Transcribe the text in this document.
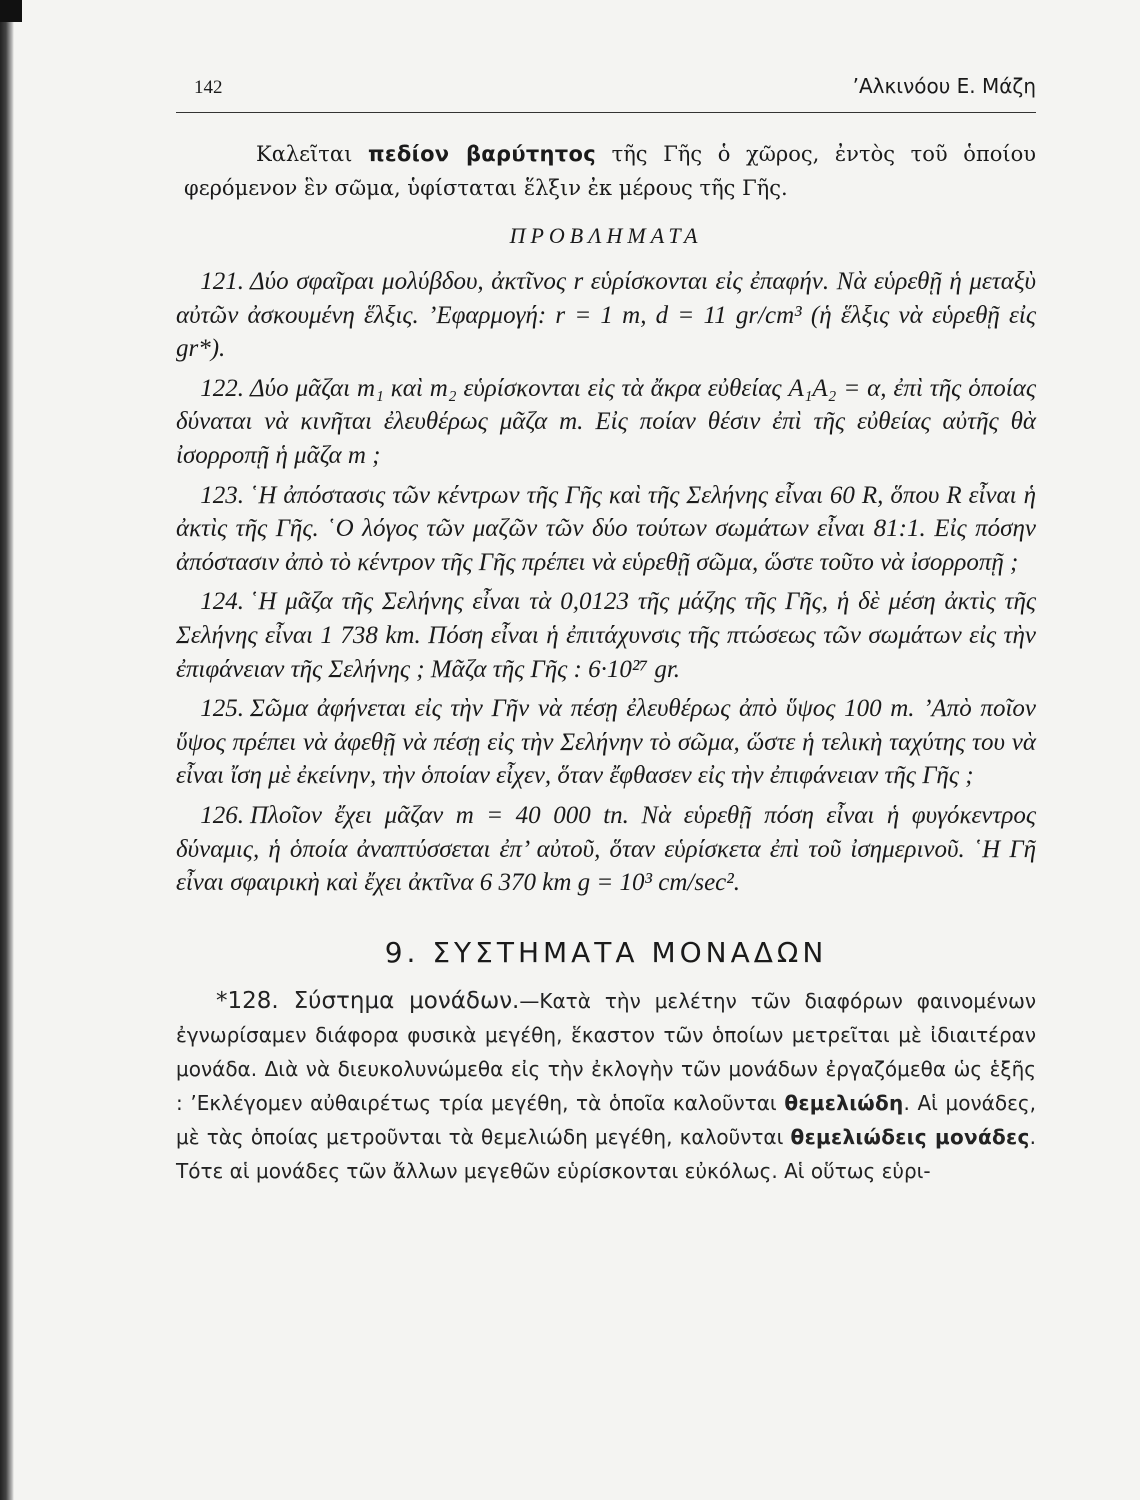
142	’Αλκινόου Ε. Μάζη
Καλεῖται πεδίον βαρύτητος τῆς Γῆς ὁ χῶρος, ἐντὸς τοῦ ὁποίου φερόμενον ἓν σῶμα, ὑφίσταται ἕλξιν ἐκ μέρους τῆς Γῆς.
ΠΡΟΒΛΗΜΑΤΑ
121. Δύο σφαῖραι μολύβδου, ἀκτῖνος r εὑρίσκονται εἰς ἐπαφήν. Νὰ εὑρεθῇ ἡ μεταξὺ αὐτῶν ἀσκουμένη ἕλξις. ’Εφαρμογή: r = 1 m, d = 11 gr/cm³ (ἡ ἕλξις νὰ εὑρεθῇ εἰς gr*).
122. Δύο μᾶζαι m₁ καὶ m₂ εὑρίσκονται εἰς τὰ ἄκρα εὐθείας A₁A₂ = α, ἐπὶ τῆς ὁποίας δύναται νὰ κινῆται ἐλευθέρως μᾶζα m. Εἰς ποίαν θέσιν ἐπὶ τῆς εὐθείας αὐτῆς θὰ ἰσορροπῇ ἡ μᾶζα m ;
123. ῾Η ἀπόστασις τῶν κέντρων τῆς Γῆς καὶ τῆς Σελήνης εἶναι 60 R, ὅπου R εἶναι ἡ ἀκτὶς τῆς Γῆς. ῾Ο λόγος τῶν μαζῶν τῶν δύο τούτων σωμάτων εἶναι 81:1. Εἰς πόσην ἀπόστασιν ἀπὸ τὸ κέντρον τῆς Γῆς πρέπει νὰ εὑρεθῇ σῶμα, ὥστε τοῦτο νὰ ἰσορροπῇ ;
124. ῾Η μᾶζα τῆς Σελήνης εἶναι τὰ 0,0123 τῆς μάζης τῆς Γῆς, ἡ δὲ μέση ἀκτὶς τῆς Σελήνης εἶναι 1 738 km. Πόση εἶναι ἡ ἐπιτάχυνσις τῆς πτώσεως τῶν σωμάτων εἰς τὴν ἐπιφάνειαν τῆς Σελήνης ; Μᾶζα τῆς Γῆς : 6·10²⁷ gr.
125. Σῶμα ἀφήνεται εἰς τὴν Γῆν νὰ πέσῃ ἐλευθέρως ἀπὸ ὕψος 100 m. ’Απὸ ποῖον ὕψος πρέπει νὰ ἀφεθῇ νὰ πέσῃ εἰς τὴν Σελήνην τὸ σῶμα, ὥστε ἡ τελικὴ ταχύτης του νὰ εἶναι ἴση μὲ ἐκείνην, τὴν ὁποίαν εἶχεν, ὅταν ἔφθασεν εἰς τὴν ἐπιφάνειαν τῆς Γῆς ;
126. Πλοῖον ἔχει μᾶζαν m = 40 000 tn. Νὰ εὑρεθῇ πόση εἶναι ἡ φυγόκεντρος δύναμις, ἡ ὁποία ἀναπτύσσεται ἐπ’ αὐτοῦ, ὅταν εὑρίσκετα ἐπὶ τοῦ ἰσημερινοῦ. ῾Η Γῆ εἶναι σφαιρικὴ καὶ ἔχει ἀκτῖνα 6 370 km g = 10³ cm/sec².
9. ΣΥΣΤΗΜΑΤΑ ΜΟΝΑΔΩΝ
*128. Σύστημα μονάδων.—Κατὰ τὴν μελέτην τῶν διαφόρων φαινομένων ἐγνωρίσαμεν διάφορα φυσικὰ μεγέθη, ἕκαστον τῶν ὁποίων μετρεῖται μὲ ἰδιαιτέραν μονάδα. Διὰ νὰ διευκολυνώμεθα εἰς τὴν ἐκλογὴν τῶν μονάδων ἐργαζόμεθα ὡς ἑξῆς : ’Εκλέγομεν αὐθαιρέτως τρία μεγέθη, τὰ ὁποῖα καλοῦνται θεμελιώδη. Αἱ μονάδες, μὲ τὰς ὁποίας μετροῦνται τὰ θεμελιώδη μεγέθη, καλοῦνται θεμελιώδεις μονάδες. Τότε αἱ μονάδες τῶν ἄλλων μεγεθῶν εὑρίσκονται εὐκόλως. Αἱ οὕτως εὑρι-
